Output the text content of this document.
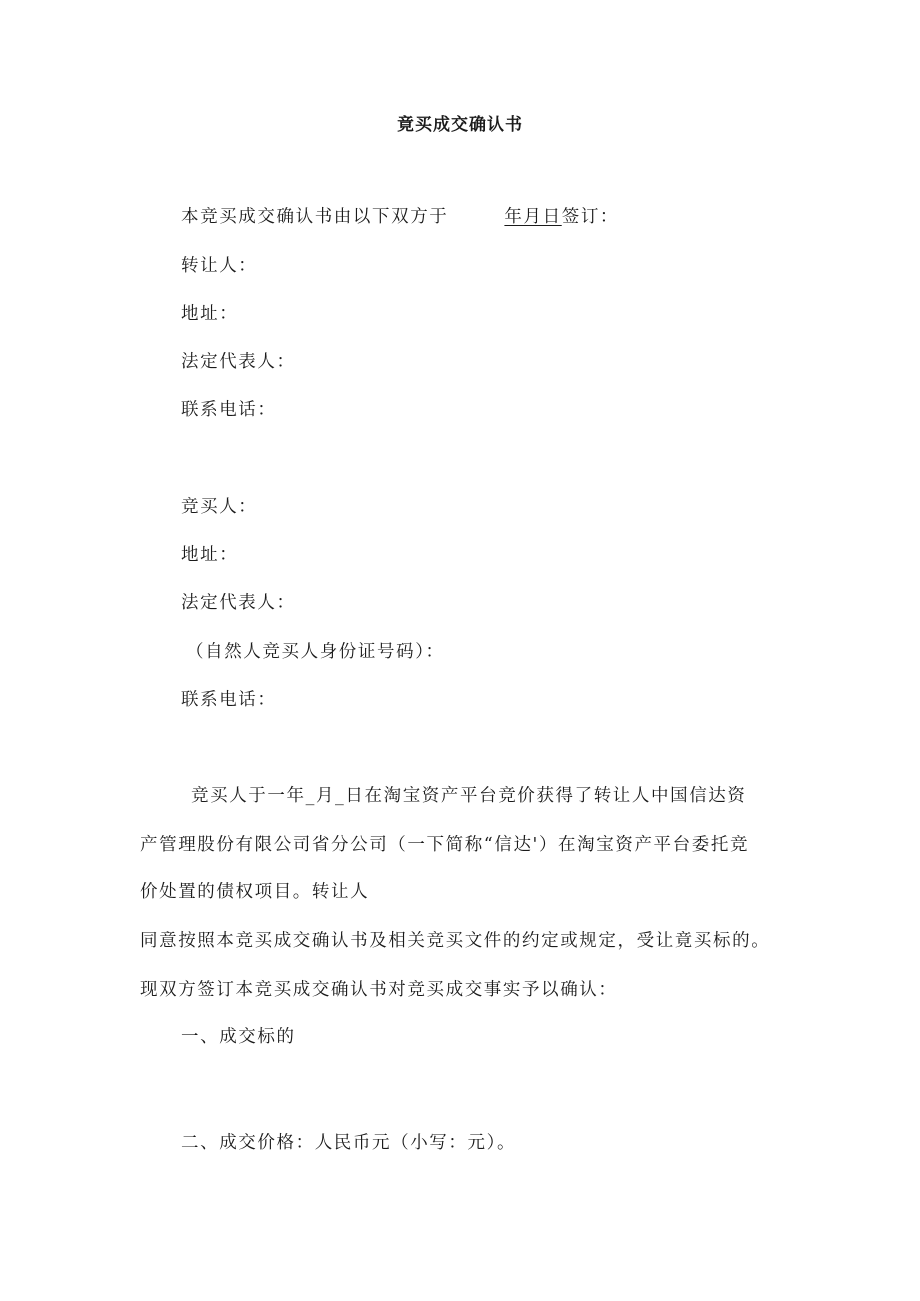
竟买成交确认书
本竞买成交确认书由以下双方于	年月日签订：
转让人：
地址：
法定代表人：
联系电话：
竞买人：
地址：
法定代表人：
（自然人竞买人身份证号码）：
联系电话：
竞买人于一年_月_日在淘宝资产平台竞价获得了转让人中国信达资
产管理股份有限公司省分公司（一下简称“信达'）在淘宝资产平台委托竞
价处置的债权项目。转让人
同意按照本竞买成交确认书及相关竞买文件的约定或规定，受让竟买标的。
现双方签订本竞买成交确认书对竞买成交事实予以确认：
一、成交标的
二、成交价格：人民币元（小写：元）。
